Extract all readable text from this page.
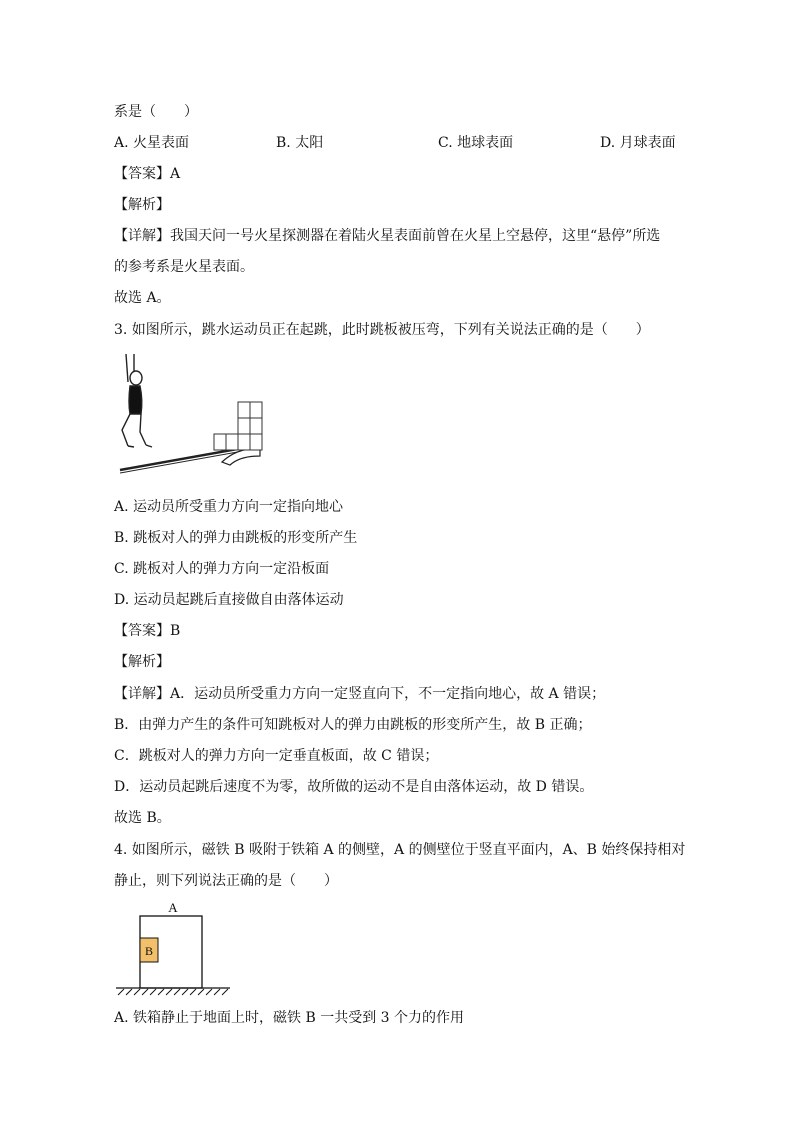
系是（　　）
A. 火星表面	B. 太阳	C. 地球表面	D. 月球表面
【答案】A
【解析】
【详解】我国天问一号火星探测器在着陆火星表面前曾在火星上空悬停，这里“悬停”所选
的参考系是火星表面。
故选 A。
3. 如图所示，跳水运动员正在起跳，此时跳板被压弯，下列有关说法正确的是（　　）
A. 运动员所受重力方向一定指向地心
B. 跳板对人的弹力由跳板的形变所产生
C. 跳板对人的弹力方向一定沿板面
D. 运动员起跳后直接做自由落体运动
【答案】B
【解析】
【详解】A．运动员所受重力方向一定竖直向下，不一定指向地心，故 A 错误；
B．由弹力产生的条件可知跳板对人的弹力由跳板的形变所产生，故 B 正确；
C．跳板对人的弹力方向一定垂直板面，故 C 错误；
D．运动员起跳后速度不为零，故所做的运动不是自由落体运动，故 D 错误。
故选 B。
4. 如图所示，磁铁 B 吸附于铁箱 A 的侧壁，A 的侧壁位于竖直平面内，A、B 始终保持相对
静止，则下列说法正确的是（　　）
A
B
A. 铁箱静止于地面上时，磁铁 B 一共受到 3 个力的作用
